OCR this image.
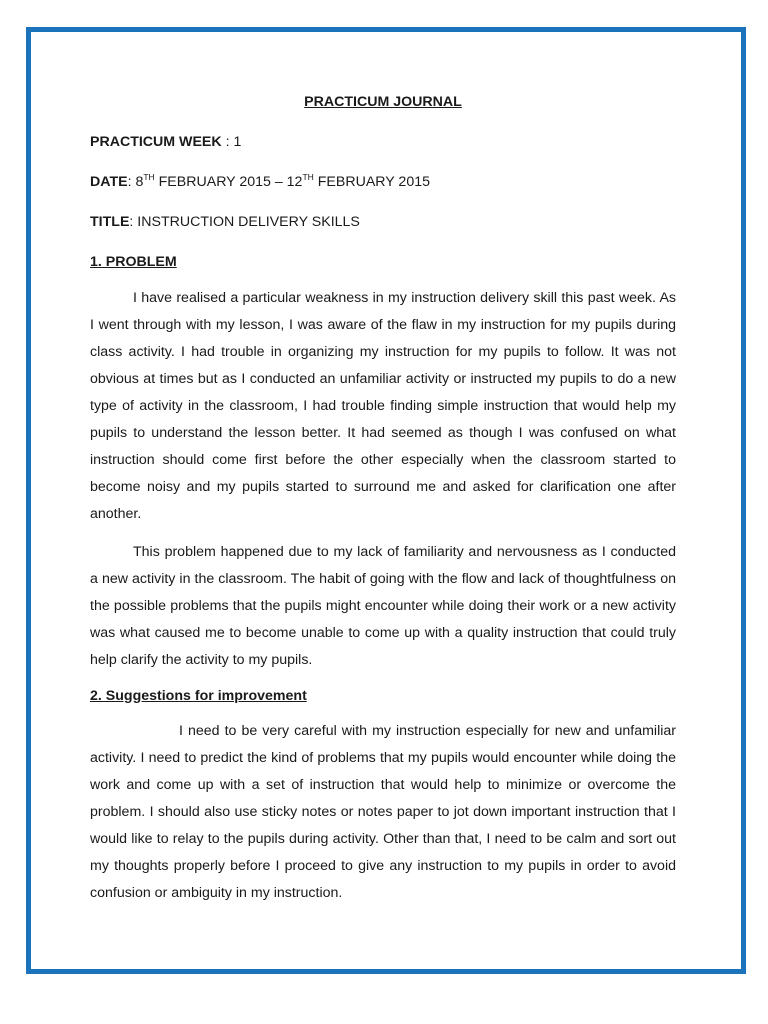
PRACTICUM JOURNAL

PRACTICUM WEEK : 1

DATE: 8TH FEBRUARY 2015 – 12TH FEBRUARY 2015

TITLE: INSTRUCTION DELIVERY SKILLS

1. PROBLEM

I have realised a particular weakness in my instruction delivery skill this past week. As I went through with my lesson, I was aware of the flaw in my instruction for my pupils during class activity. I had trouble in organizing my instruction for my pupils to follow. It was not obvious at times but as I conducted an unfamiliar activity or instructed my pupils to do a new type of activity in the classroom, I had trouble finding simple instruction that would help my pupils to understand the lesson better. It had seemed as though I was confused on what instruction should come first before the other especially when the classroom started to become noisy and my pupils started to surround me and asked for clarification one after another.

This problem happened due to my lack of familiarity and nervousness as I conducted a new activity in the classroom. The habit of going with the flow and lack of thoughtfulness on the possible problems that the pupils might encounter while doing their work or a new activity was what caused me to become unable to come up with a quality instruction that could truly help clarify the activity to my pupils.

2. Suggestions for improvement

I need to be very careful with my instruction especially for new and unfamiliar activity. I need to predict the kind of problems that my pupils would encounter while doing the work and come up with a set of instruction that would help to minimize or overcome the problem. I should also use sticky notes or notes paper to jot down important instruction that I would like to relay to the pupils during activity. Other than that, I need to be calm and sort out my thoughts properly before I proceed to give any instruction to my pupils in order to avoid confusion or ambiguity in my instruction.
